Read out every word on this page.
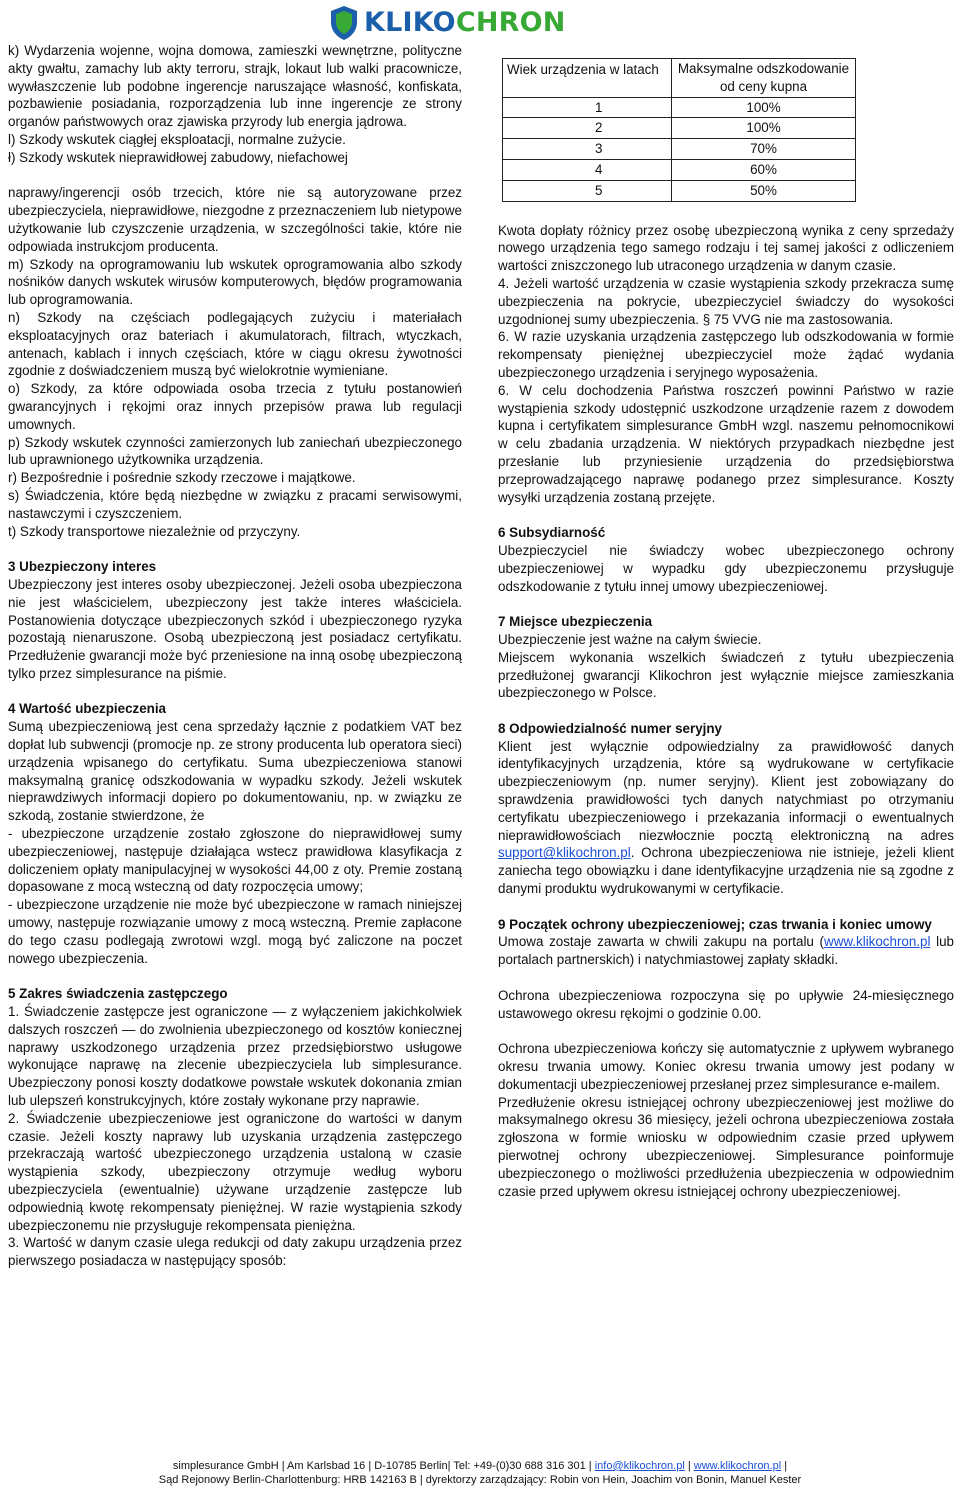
KLIKOCHRON

k) Wydarzenia wojenne, wojna domowa, zamieszki wewnętrzne, polityczne akty gwałtu, zamachy lub akty terroru, strajk, lokaut lub walki pracownicze, wywłaszczenie lub podobne ingerencje naruszające własność, konfiskata, pozbawienie posiadania, rozporządzenia lub inne ingerencje ze strony organów państwowych oraz zjawiska przyrody lub energia jądrowa.

l) Szkody wskutek ciągłej eksploatacji, normalne zużycie.

ł) Szkody wskutek nieprawidłowej zabudowy, niefachowej

naprawy/ingerencji osób trzecich, które nie są autoryzowane przez ubezpieczyciela, nieprawidłowe, niezgodne z przeznaczeniem lub nietypowe użytkowanie lub czyszczenie urządzenia, w szczególności takie, które nie odpowiada instrukcjom producenta.

m) Szkody na oprogramowaniu lub wskutek oprogramowania albo szkody nośników danych wskutek wirusów komputerowych, błędów programowania lub oprogramowania.

n) Szkody na częściach podlegających zużyciu i materiałach eksploatacyjnych oraz bateriach i akumulatorach, filtrach, wtyczkach, antenach, kablach i innych częściach, które w ciągu okresu żywotności zgodnie z doświadczeniem muszą być wielokrotnie wymieniane.

o) Szkody, za które odpowiada osoba trzecia z tytułu postanowień gwarancyjnych i rękojmi oraz innych przepisów prawa lub regulacji umownych.

p) Szkody wskutek czynności zamierzonych lub zaniechań ubezpieczonego lub uprawnionego użytkownika urządzenia.

r) Bezpośrednie i pośrednie szkody rzeczowe i majątkowe.

s) Świadczenia, które będą niezbędne w związku z pracami serwisowymi, nastawczymi i czyszczeniem.

t) Szkody transportowe niezależnie od przyczyny.

3 Ubezpieczony interes

Ubezpieczony jest interes osoby ubezpieczonej. Jeżeli osoba ubezpieczona nie jest właścicielem, ubezpieczony jest także interes właściciela. Postanowienia dotyczące ubezpieczonych szkód i ubezpieczonego ryzyka pozostają nienaruszone. Osobą ubezpieczoną jest posiadacz certyfikatu. Przedłużenie gwarancji może być przeniesione na inną osobę ubezpieczoną tylko przez simplesurance na piśmie.

4 Wartość ubezpieczenia

Sumą ubezpieczeniową jest cena sprzedaży łącznie z podatkiem VAT bez dopłat lub subwencji (promocje np. ze strony producenta lub operatora sieci) urządzenia wpisanego do certyfikatu. Suma ubezpieczeniowa stanowi maksymalną granicę odszkodowania w wypadku szkody. Jeżeli wskutek nieprawdziwych informacji dopiero po dokumentowaniu, np. w związku ze szkodą, zostanie stwierdzone, że

- ubezpieczone urządzenie zostało zgłoszone do nieprawidłowej sumy ubezpieczeniowej, następuje działająca wstecz prawidłowa klasyfikacja z doliczeniem opłaty manipulacyjnej w wysokości 44,00 z oty. Premie zostaną dopasowane z mocą wsteczną od daty rozpoczęcia umowy;

- ubezpieczone urządzenie nie może być ubezpieczone w ramach niniejszej umowy, następuje rozwiązanie umowy z mocą wsteczną. Premie zapłacone do tego czasu podlegają zwrotowi wzgl. mogą być zaliczone na poczet nowego ubezpieczenia.

5 Zakres świadczenia zastępczego

1. Świadczenie zastępcze jest ograniczone — z wyłączeniem jakichkolwiek dalszych roszczeń — do zwolnienia ubezpieczonego od kosztów koniecznej naprawy uszkodzonego urządzenia przez przedsiębiorstwo usługowe wykonujące naprawę na zlecenie ubezpieczyciela lub simplesurance. Ubezpieczony ponosi koszty dodatkowe powstałe wskutek dokonania zmian lub ulepszeń konstrukcyjnych, które zostały wykonane przy naprawie.

2. Świadczenie ubezpieczeniowe jest ograniczone do wartości w danym czasie. Jeżeli koszty naprawy lub uzyskania urządzenia zastępczego przekraczają wartość ubezpieczonego urządzenia ustaloną w czasie wystąpienia szkody, ubezpieczony otrzymuje według wyboru ubezpieczyciela (ewentualnie) używane urządzenie zastępcze lub odpowiednią kwotę rekompensaty pieniężnej. W razie wystąpienia szkody ubezpieczonemu nie przysługuje rekompensata pieniężna.

3. Wartość w danym czasie ulega redukcji od daty zakupu urządzenia przez pierwszego posiadacza w następujący sposób:

Wiek urządzenia w latach	Maksymalne odszkodowanie od ceny kupna
1	100%
2	100%
3	70%
4	60%
5	50%

Kwota dopłaty różnicy przez osobę ubezpieczoną wynika z ceny sprzedaży nowego urządzenia tego samego rodzaju i tej samej jakości z odliczeniem wartości zniszczonego lub utraconego urządzenia w danym czasie.

4. Jeżeli wartość urządzenia w czasie wystąpienia szkody przekracza sumę ubezpieczenia na pokrycie, ubezpieczyciel świadczy do wysokości uzgodnionej sumy ubezpieczenia. § 75 VVG nie ma zastosowania.

6. W razie uzyskania urządzenia zastępczego lub odszkodowania w formie rekompensaty pieniężnej ubezpieczyciel może żądać wydania ubezpieczonego urządzenia i seryjnego wyposażenia.

6. W celu dochodzenia Państwa roszczeń powinni Państwo w razie wystąpienia szkody udostępnić uszkodzone urządzenie razem z dowodem kupna i certyfikatem simplesurance GmbH wzgl. naszemu pełnomocnikowi w celu zbadania urządzenia. W niektórych przypadkach niezbędne jest przesłanie lub przyniesienie urządzenia do przedsiębiorstwa przeprowadzającego naprawę podanego przez simplesurance. Koszty wysyłki urządzenia zostaną przejęte.

6 Subsydiarność

Ubezpieczyciel nie świadczy wobec ubezpieczonego ochrony ubezpieczeniowej w wypadku gdy ubezpieczonemu przysługuje odszkodowanie z tytułu innej umowy ubezpieczeniowej.

7 Miejsce ubezpieczenia

Ubezpieczenie jest ważne na całym świecie.

Miejscem wykonania wszelkich świadczeń z tytułu ubezpieczenia przedłużonej gwarancji Klikochron jest wyłącznie miejsce zamieszkania ubezpieczonego w Polsce.

8 Odpowiedzialność numer seryjny

Klient jest wyłącznie odpowiedzialny za prawidłowość danych identyfikacyjnych urządzenia, które są wydrukowane w certyfikacie ubezpieczeniowym (np. numer seryjny). Klient jest zobowiązany do sprawdzenia prawidłowości tych danych natychmiast po otrzymaniu certyfikatu ubezpieczeniowego i przekazania informacji o ewentualnych nieprawidłowościach niezwłocznie pocztą elektroniczną na adres support@klikochron.pl. Ochrona ubezpieczeniowa nie istnieje, jeżeli klient zaniecha tego obowiązku i dane identyfikacyjne urządzenia nie są zgodne z danymi produktu wydrukowanymi w certyfikacie.

9 Początek ochrony ubezpieczeniowej; czas trwania i koniec umowy

Umowa zostaje zawarta w chwili zakupu na portalu (www.klikochron.pl lub portalach partnerskich) i natychmiastowej zapłaty składki.

Ochrona ubezpieczeniowa rozpoczyna się po upływie 24-miesięcznego ustawowego okresu rękojmi o godzinie 0.00.

Ochrona ubezpieczeniowa kończy się automatycznie z upływem wybranego okresu trwania umowy. Koniec okresu trwania umowy jest podany w dokumentacji ubezpieczeniowej przesłanej przez simplesurance e-mailem.

Przedłużenie okresu istniejącej ochrony ubezpieczeniowej jest możliwe do maksymalnego okresu 36 miesięcy, jeżeli ochrona ubezpieczeniowa została zgłoszona w formie wniosku w odpowiednim czasie przed upływem pierwotnej ochrony ubezpieczeniowej. Simplesurance poinformuje ubezpieczonego o możliwości przedłużenia ubezpieczenia w odpowiednim czasie przed upływem okresu istniejącej ochrony ubezpieczeniowej.

simplesurance GmbH | Am Karlsbad 16 | D-10785 Berlin| Tel: +49-(0)30 688 316 301 | info@klikochron.pl | www.klikochron.pl |
Sąd Rejonowy Berlin-Charlottenburg: HRB 142163 B | dyrektorzy zarządzający: Robin von Hein, Joachim von Bonin, Manuel Kester
